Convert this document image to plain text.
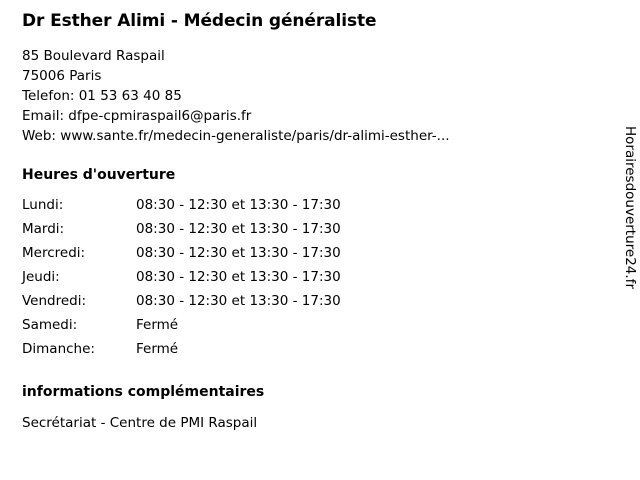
Dr Esther Alimi - Médecin généraliste

85 Boulevard Raspail

75006 Paris

Telefon: 01 53 63 40 85

Email: dfpe-cpmiraspail6@paris.fr

Web: www.sante.fr/medecin-generaliste/paris/dr-alimi-esther-...

Heures d'ouverture
Lundi:	08:30 - 12:30 et 13:30 - 17:30
Mardi:	08:30 - 12:30 et 13:30 - 17:30
Mercredi:	08:30 - 12:30 et 13:30 - 17:30
Jeudi:	08:30 - 12:30 et 13:30 - 17:30
Vendredi:	08:30 - 12:30 et 13:30 - 17:30
Samedi:	Fermé
Dimanche:	Fermé
informations complémentaires

Secrétariat - Centre de PMI Raspail

Horairesdouverture24.fr
